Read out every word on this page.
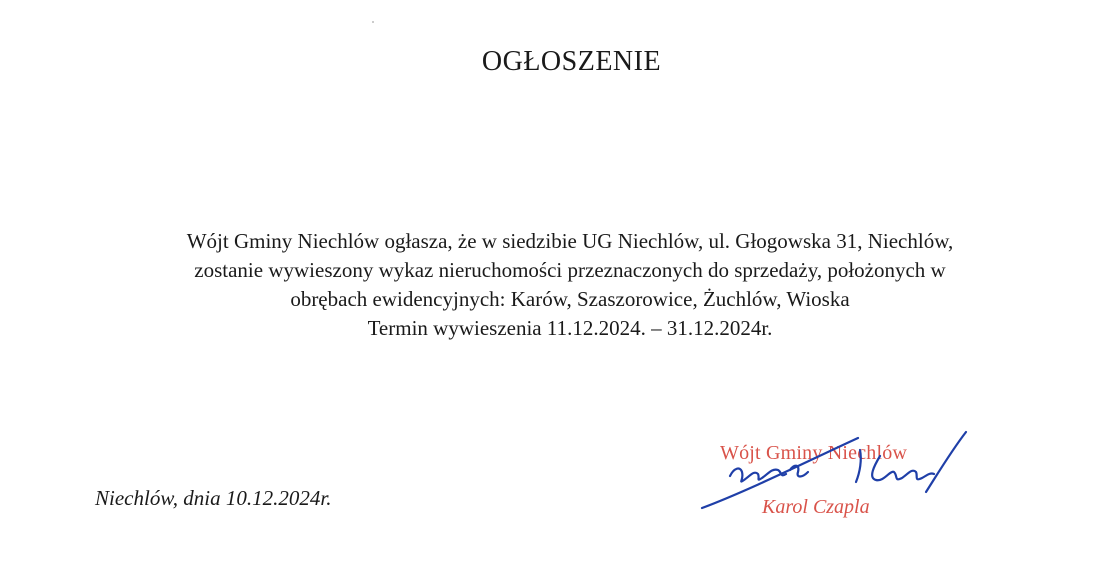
OGŁOSZENIE
Wójt Gminy Niechlów ogłasza, że w siedzibie UG Niechlów, ul. Głogowska 31, Niechlów,
zostanie wywieszony wykaz nieruchomości przeznaczonych do sprzedaży, położonych w
obrębach ewidencyjnych: Karów, Szaszorowice, Żuchlów, Wioska
Termin wywieszenia 11.12.2024. – 31.12.2024r.
Niechlów, dnia 10.12.2024r.
Wójt Gminy Niechlów
Karol Czapla
